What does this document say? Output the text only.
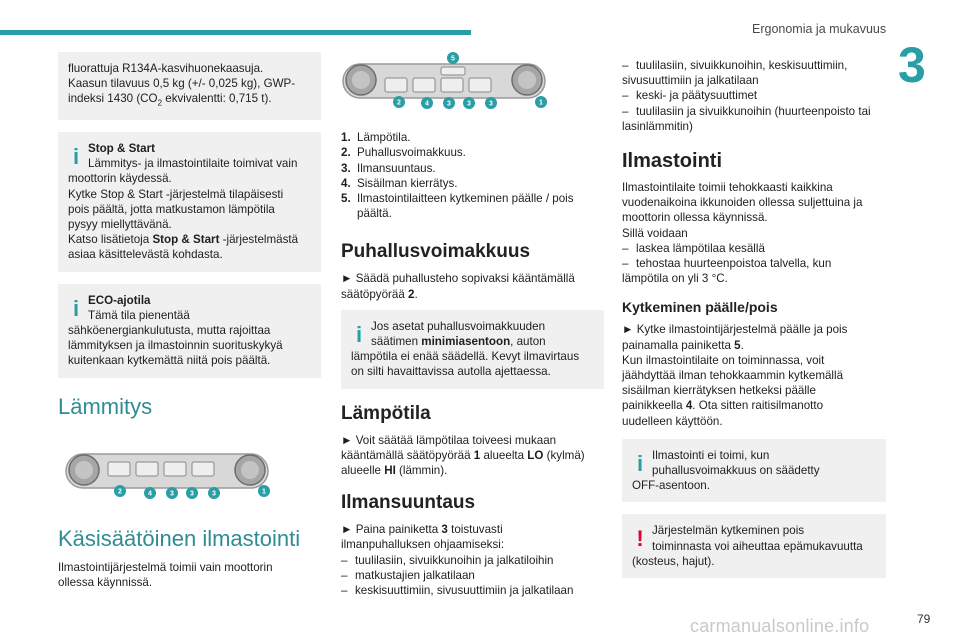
Ergonomia ja mukavuus
3
fluorattuja R134A-kasvihuonekaasuja.
Kaasun tilavuus 0,5 kg (+/- 0,025 kg), GWP-
indeksi 1430 ($CO_2$ ekvivalentti: 0,715 t).
i Stop & Start
Lämmitys- ja ilmastointilaite toimivat vain
moottorin käydessä.
Kytke Stop & Start -järjestelmä tilapäisesti
pois päältä, jotta matkustamon lämpötila
pysyy miellyttävänä.
Katso lisätietoja Stop & Start -järjestelmästä
asiaa käsittelevästä kohdasta.
i ECO-ajotila
Tämä tila pienentää
sähköenergiankulutusta, mutta rajoittaa
lämmityksen ja ilmastoinnin suorituskykyä
kuitenkaan kytkemättä niitä pois päältä.
Lämmitys
2	4	3 3	3	1
Käsisäätöinen ilmastointi
Ilmastointijärjestelmä toimii vain moottorin
ollessa käynnissä.
5
2	4	3 3	3	1
1. Lämpötila.
2. Puhallusvoimakkuus.
3. Ilmansuuntaus.
4. Sisäilman kierrätys.
5. Ilmastointilaitteen kytkeminen päälle / pois
päältä.
Puhallusvoimakkuus
► Säädä puhallusteho sopivaksi kääntämällä
säätöpyörää 2.
i Jos asetat puhallusvoimakkuuden
säätimen minimiasentoon, auton
lämpötila ei enää säädellä. Kevyt ilmavirtaus
on silti havaittavissa autolla ajettaessa.
Lämpötila
► Voit säätää lämpötilaa toiveesi mukaan
kääntämällä säätöpyörää 1 alueelta LO (kylmä)
alueelle HI (lämmin).
Ilmansuuntaus
► Paina painiketta 3 toistuvasti
ilmanpuhalluksen ohjaamiseksi:
– tuulilasiin, sivuikkunoihin ja jalkatiloihin
– matkustajien jalkatilaan
– keskisuuttimiin, sivusuuttimiin ja jalkatilaan
– tuulilasiin, sivuikkunoihin, keskisuuttimiin,
sivusuuttimiin ja jalkatilaan
– keski- ja päätysuuttimet
– tuulilasiin ja sivuikkunoihin (huurteenpoisto tai
lasinlämmitin)
Ilmastointi
Ilmastointilaite toimii tehokkaasti kaikkina
vuodenaikoina ikkunoiden ollessa suljettuina ja
moottorin ollessa käynnissä.
Sillä voidaan
– laskea lämpötilaa kesällä
– tehostaa huurteenpoistoa talvella, kun
lämpötila on yli 3 °C.
Kytkeminen päälle/pois
► Kytke ilmastointijärjestelmä päälle ja pois
painamalla painiketta 5.
Kun ilmastointilaite on toiminnassa, voit
jäähdyttää ilman tehokkaammin kytkemällä
sisäilman kierrätyksen hetkeksi päälle
painikkeella 4. Ota sitten raitisilmanotto
uudelleen käyttöön.
i Ilmastointi ei toimi, kun
puhallusvoimakkuus on säädetty
OFF-asentoon.
! Järjestelmän kytkeminen pois
toiminnasta voi aiheuttaa epämukavuutta
(kosteus, hajut).
carmanualsonline.info	79
